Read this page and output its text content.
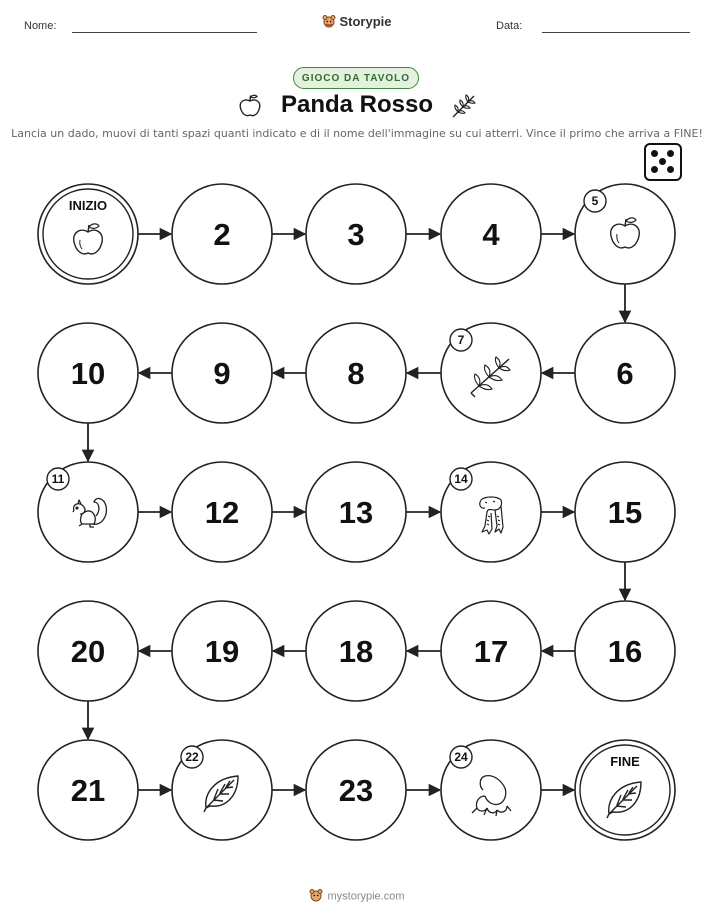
Nome:	Storypie	Data:
GIOCO DA TAVOLO
Panda Rosso
Lancia un dado, muovi di tanti spazi quanti indicato e di il nome dell'immagine su cui atterri. Vince il primo che arriva a FINE!
INIZIO
2	3	4
5
6
7
8
9
10
11
12	13
14
15
16
17
18
19
20
21
22
23
24	FINE
mystorypie.com
